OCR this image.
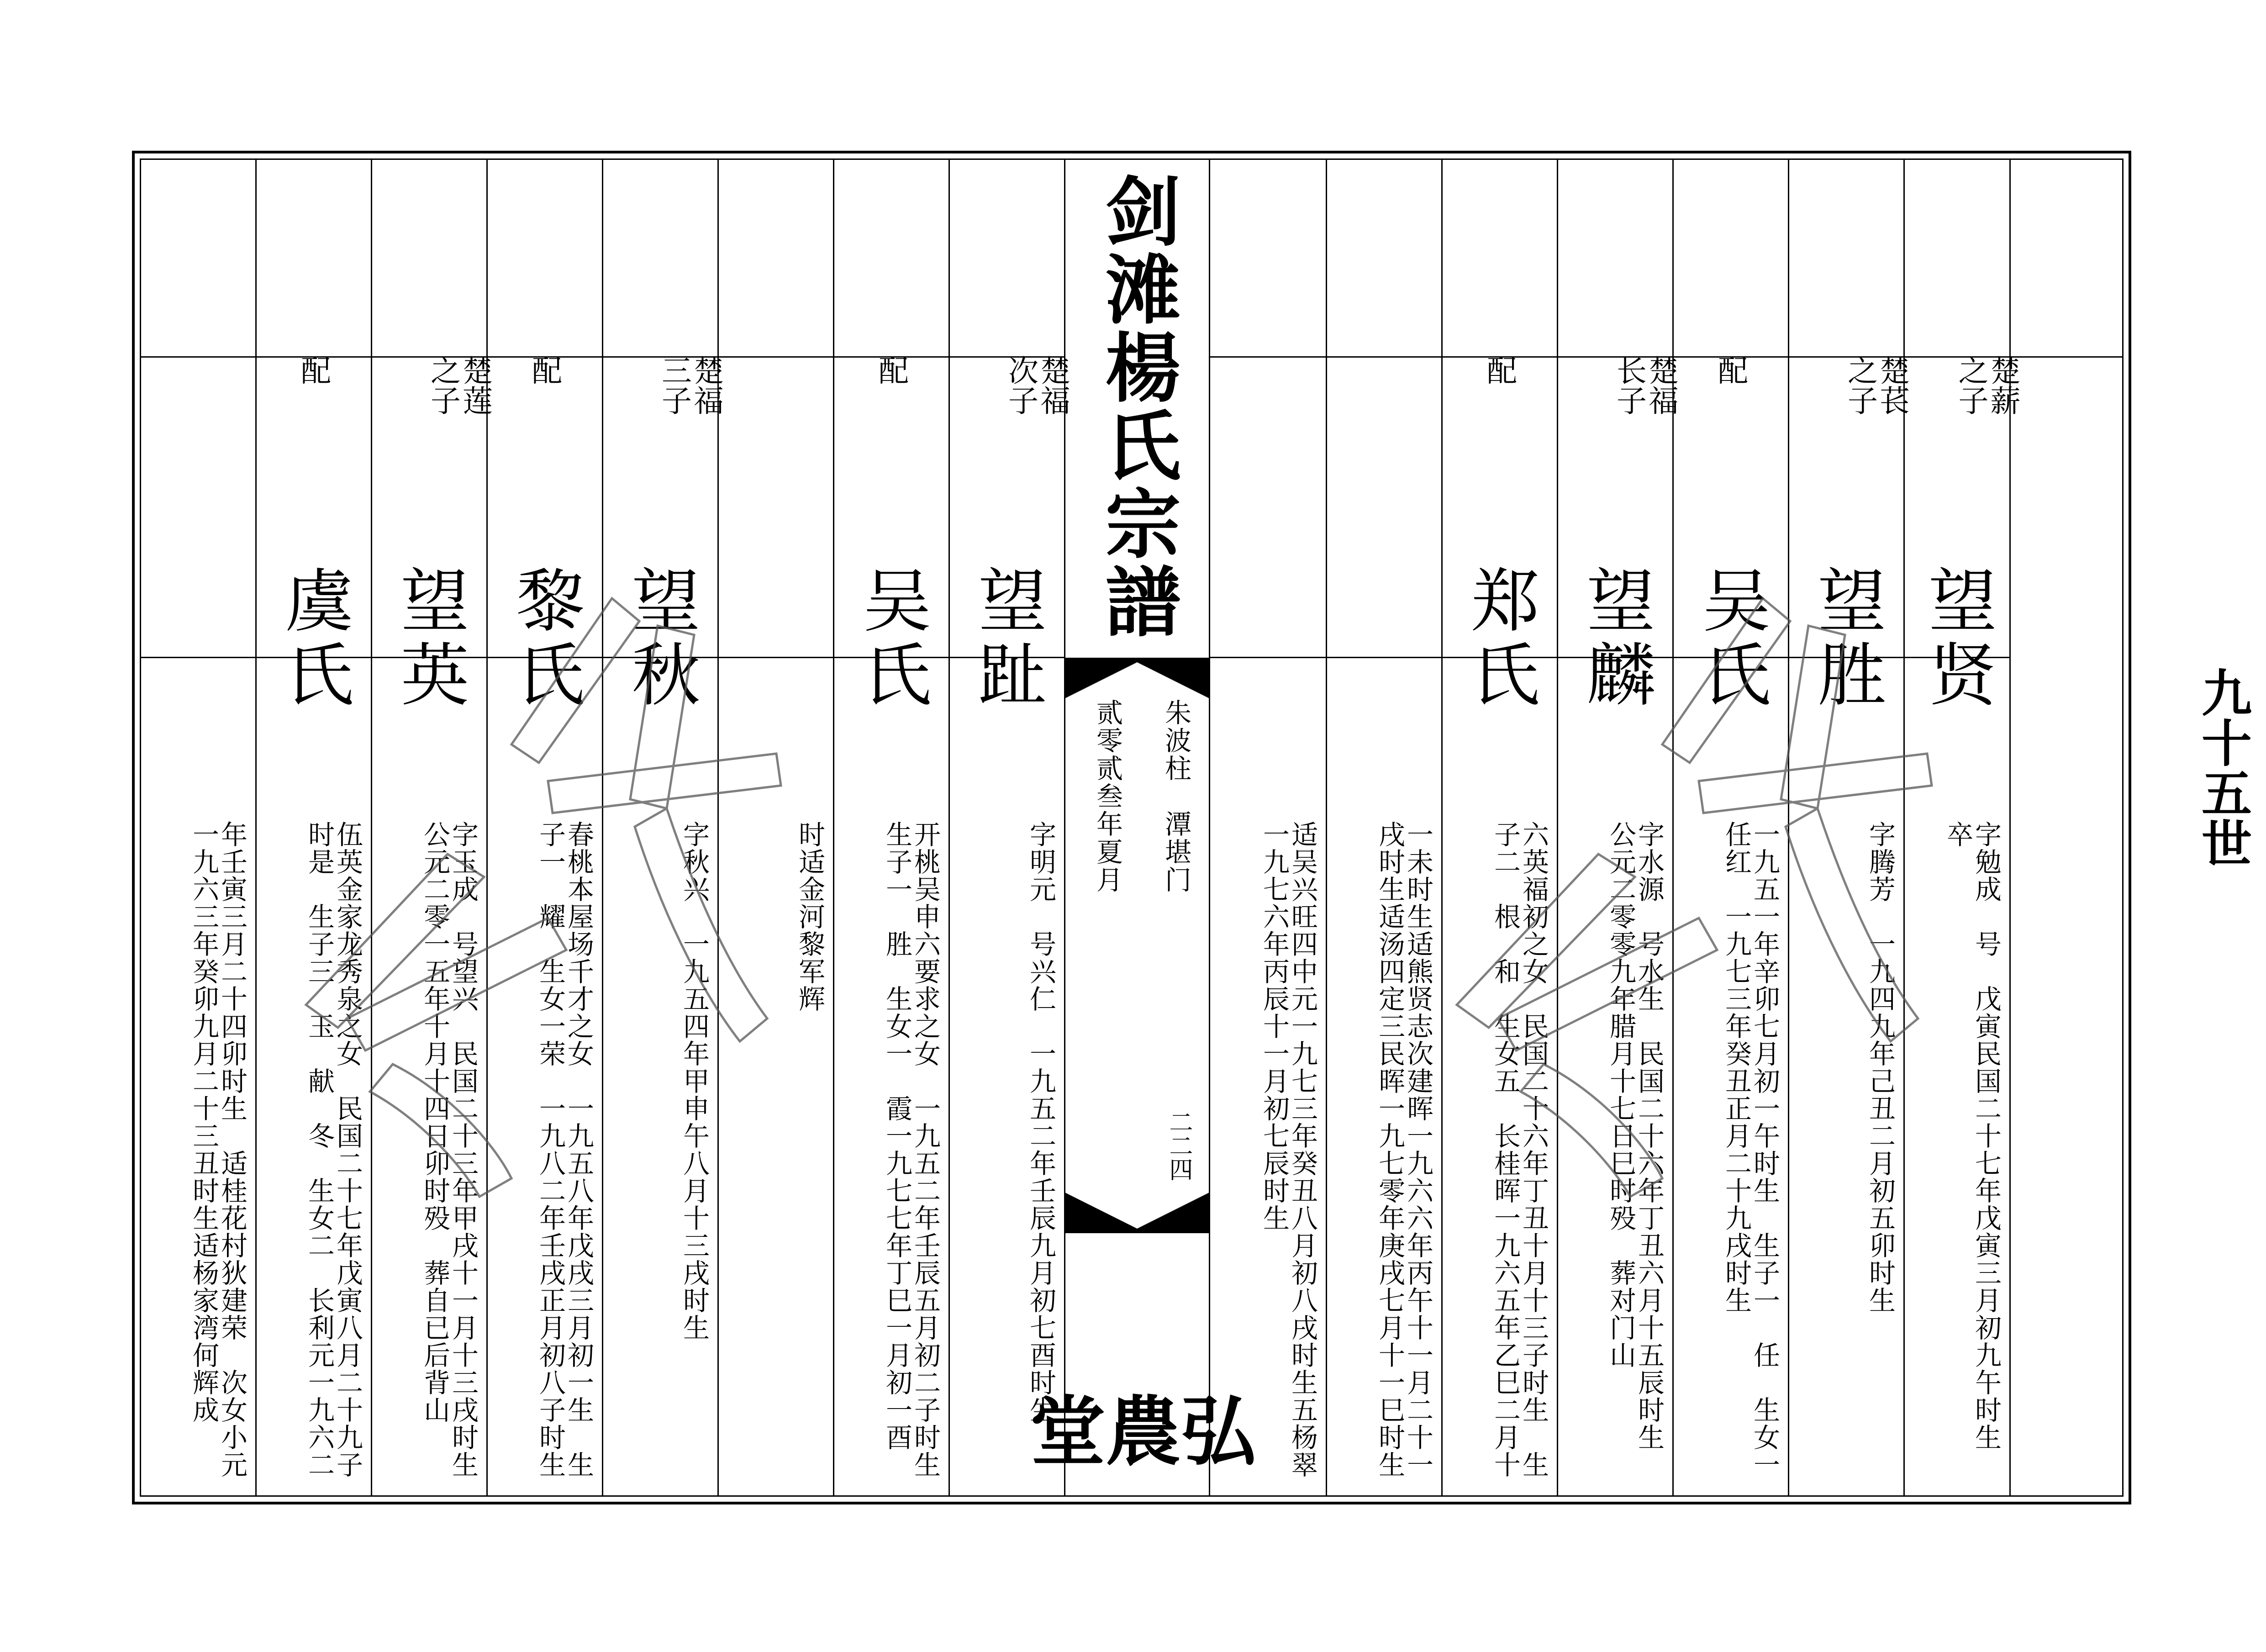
剑滩楊氏宗譜
弘農堂
朱波柱　潭堪门
贰零贰叁年夏月
二二四
九十五世
楚薪
之子
望贤
字勉成　号　戊寅民国二十七年戊寅三月初九午时生
卒
楚苌
之子
望胜
字腾芳　一九四九年己丑二月初五卯时生
配
吴氏
一九五一年辛卯七月初一午时生　生子一　任　生女一
任红　一九七三年癸丑正月二十九戌时生
楚福
长子
望麟
字水源　号水生　民国二十六年丁丑六月十五辰时生
公元二零零九年腊月十七日巳时殁　葬对门山
配
郑氏
六英福初之女　民国二十六年丁丑十月十三子时生　生
子二　根　和　生女五　长桂晖一九六五年乙巳二月十
一未时生适熊贤志次建晖一九六六年丙午十一月二十一
戌时生适汤四定三民晖一九七零年庚戌七月十一巳时生
适吴兴旺四中元一九七三年癸丑八月初八戌时生五杨翠
一九七六年丙辰十一月初七辰时生
楚福
次子
望趾
字明元　号兴仁　一九五二年壬辰九月初七酉时生
配
吴氏
开桃吴申六要求之女　一九五二年壬辰五月初二子时生
生子一　胜　生女一　霞一九七七年丁巳一月初一酉
时适金河黎军辉
楚福
三子
望秋
字秋兴　一九五四年甲申午八月十三戌时生
配
黎氏
春桃本屋场千才之女　一九五八年戊戌三月初一生　生
子一　耀　生女一荣　一九八二年壬戌正月初八子时生
楚莲
之子
望英
字玉成　号望兴　民国二十三年甲戌十一月十三戌时生
公元二零一五年十月十四日卯时殁　葬自已后背山
配
虞氏
伍英金家龙秀泉之女　民国二十七年戊寅八月二十九子
时是　生子三　玉　献　冬　生女二　长利元一九六二
年壬寅三月二十四卯时生　适桂花村狄建荣　次女小元
一九六三年癸卯九月二十三丑时生适杨家湾何辉成
